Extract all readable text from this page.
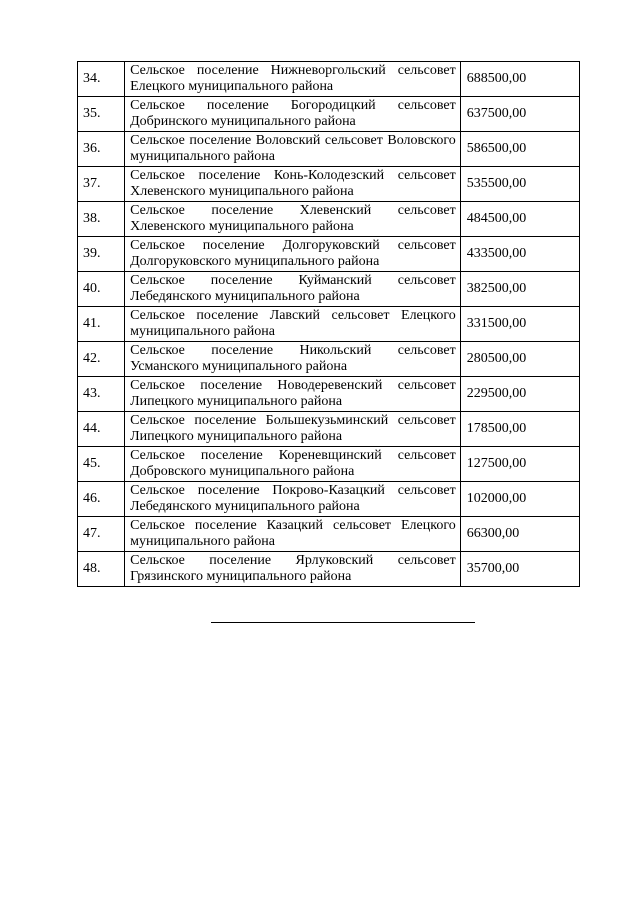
34.	Сельское поселение Нижневоргольский сельсовет Елецкого муниципального района	688500,00
35.	Сельское поселение Богородицкий сельсовет Добринского муниципального района	637500,00
36.	Сельское поселение Воловский сельсовет Воловского муниципального района	586500,00
37.	Сельское поселение Конь-Колодезский сельсовет Хлевенского муниципального района	535500,00
38.	Сельское поселение Хлевенский сельсовет Хлевенского муниципального района	484500,00
39.	Сельское поселение Долгоруковский сельсовет Долгоруковского муниципального района	433500,00
40.	Сельское поселение Куйманский сельсовет Лебедянского муниципального района	382500,00
41.	Сельское поселение Лавский сельсовет Елецкого муниципального района	331500,00
42.	Сельское поселение Никольский сельсовет Усманского муниципального района	280500,00
43.	Сельское поселение Новодеревенский сельсовет Липецкого муниципального района	229500,00
44.	Сельское поселение Большекузьминский сельсовет Липецкого муниципального района	178500,00
45.	Сельское поселение Кореневщинский сельсовет Добровского муниципального района	127500,00
46.	Сельское поселение Покрово-Казацкий сельсовет Лебедянского муниципального района	102000,00
47.	Сельское поселение Казацкий сельсовет Елецкого муниципального района	66300,00
48.	Сельское поселение Ярлуковский сельсовет Грязинского муниципального района	35700,00
